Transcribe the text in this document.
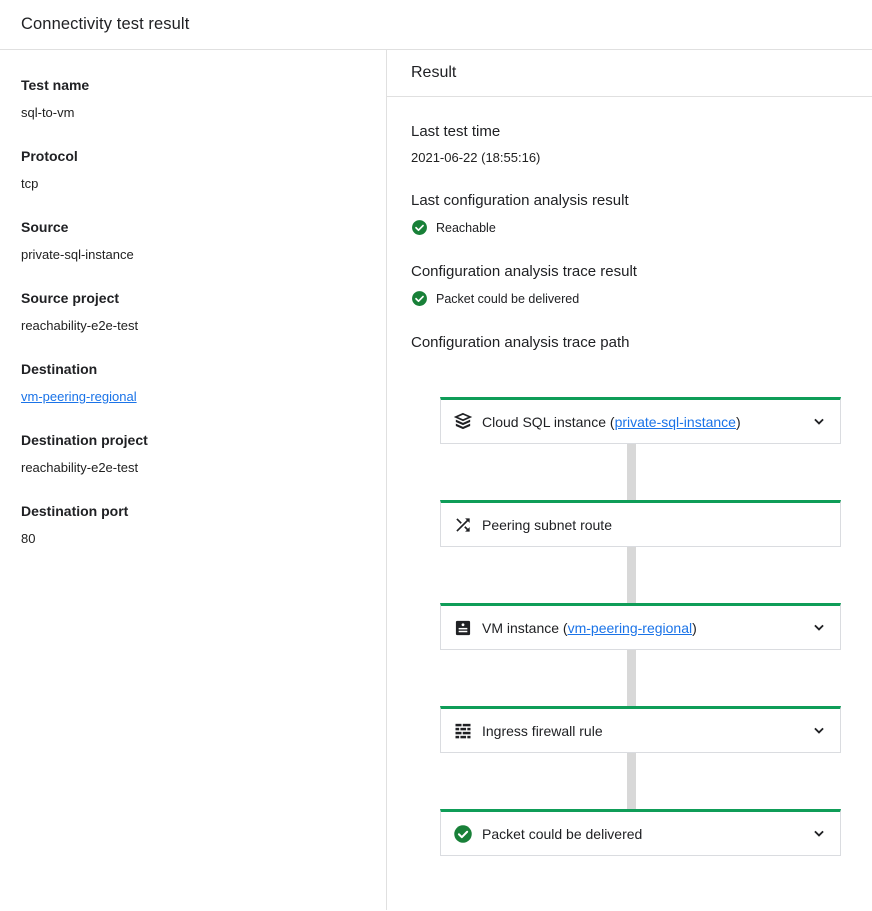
Connectivity test result
Test name
sql-to-vm
Protocol
tcp
Source
private-sql-instance
Source project
reachability-e2e-test
Destination
vm-peering-regional
Destination project
reachability-e2e-test
Destination port
80
Result
Last test time
2021-06-22 (18:55:16)
Last configuration analysis result
Reachable
Configuration analysis trace result
Packet could be delivered
Configuration analysis trace path
Cloud SQL instance (private-sql-instance)
Peering subnet route
VM instance (vm-peering-regional)
Ingress firewall rule
Packet could be delivered
